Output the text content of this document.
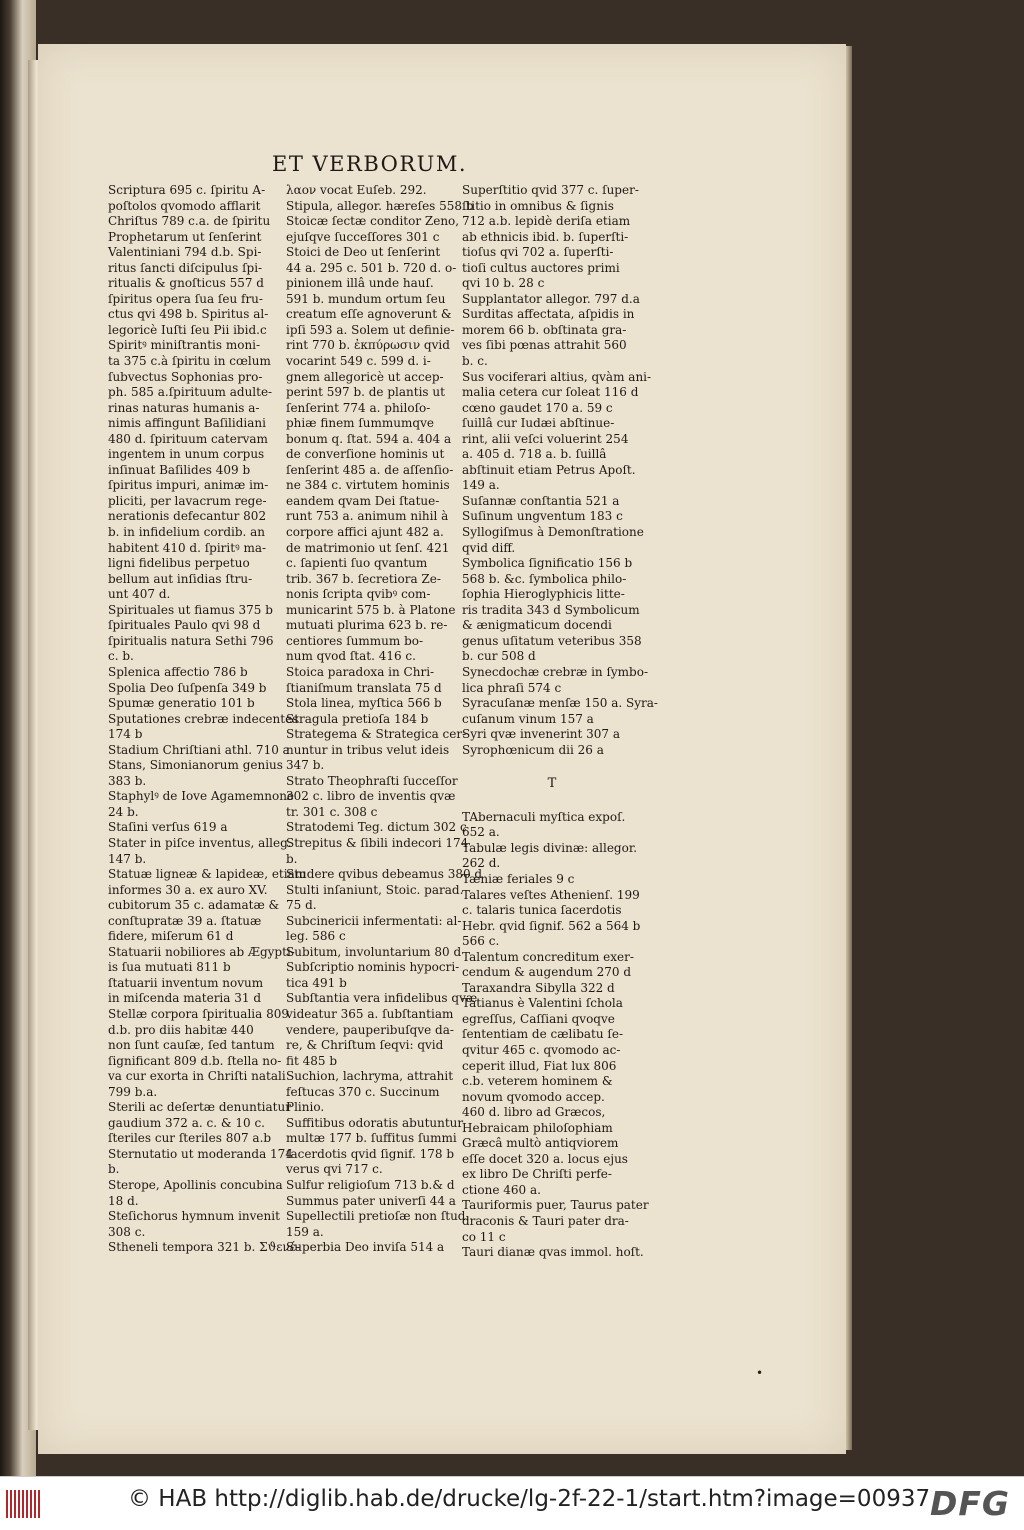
ET VERBORUM.
Scriptura 695 c. ſpiritu A-
poſtolos qvomodo afflarit
Chriſtus 789 c.a. de ſpiritu
Prophetarum ut ſenſerint
Valentiniani 794 d.b. Spi-
ritus ſancti diſcipulus ſpi-
ritualis & gnoſticus 557 d
ſpiritus opera ſua ſeu fru-
ctus qvi 498 b. Spiritus al-
legoricè Iuſti ſeu Pii ibid.c
Spiritꝰ miniſtrantis moni-
ta 375 c.à ſpiritu in cœlum
ſubvectus Sophonias pro-
ph. 585 a.ſpirituum adulte-
rinas naturas humanis a-
nimis affingunt Baſilidiani
480 d. ſpirituum catervam
ingentem in unum corpus
inſinuat Baſilides 409 b
ſpiritus impuri, animæ im-
pliciti, per lavacrum rege-
nerationis defecantur 802
b. in infidelium cordib. an
habitent 410 d. ſpiritꝰ ma-
ligni fidelibus perpetuo
bellum aut inſidias ſtru-
unt 407 d.
Spirituales ut fiamus 375 b
ſpirituales Paulo qvi 98 d
ſpiritualis natura Sethi 796
c. b.
Splenica affectio 786 b
Spolia Deo ſuſpenſa 349 b
Spumæ generatio 101 b
Sputationes crebræ indecentes
174 b
Stadium Chriſtiani athl. 710 a
Stans, Simonianorum genius
383 b.
Staphylꝰ de Iove Agamemnone
24 b.
Staſini verſus 619 a
Stater in piſce inventus, alleg.
147 b.
Statuæ ligneæ & lapideæ, etiam
informes 30 a. ex auro XV.
cubitorum 35 c. adamatæ &
conſtupratæ 39 a. ſtatuæ
fidere, miſerum 61 d
Statuarii nobiliores ab Ægypti-
is ſua mutuati 811 b
ſtatuarii inventum novum
in miſcenda materia 31 d
Stellæ corpora ſpiritualia 809
d.b. pro diis habitæ 440
non ſunt cauſæ, ſed tantum
ſignificant 809 d.b. ſtella no-
va cur exorta in Chriſti natali
799 b.a.
Sterili ac deſertæ denuntiatur
gaudium 372 a. c. & 10 c.
ſteriles cur ſteriles 807 a.b
Sternutatio ut moderanda 174
b.
Sterope, Apollinis concubina
18 d.
Steſichorus hymnum invenit
308 c.
Stheneli tempora 321 b. Σϑενέ-
λαον vocat Euſeb. 292.
Stipula, allegor. hæreſes 558 b
Stoicæ ſectæ conditor Zeno,
ejuſqve ſucceſſores 301 c
Stoici de Deo ut ſenſerint
44 a. 295 c. 501 b. 720 d. o-
pinionem illâ unde hauſ.
591 b. mundum ortum ſeu
creatum eſſe agnoverunt &
ipſi 593 a. Solem ut definie-
rint 770 b. ἐκπύρωσιν qvid
vocarint 549 c. 599 d. i-
gnem allegoricè ut accep-
perint 597 b. de plantis ut
ſenſerint 774 a. philoſo-
phiæ finem ſummumqve
bonum q. ſtat. 594 a. 404 a
de converſione hominis ut
ſenſerint 485 a. de aſſenſio-
ne 384 c. virtutem hominis
eandem qvam Dei ſtatue-
runt 753 a. animum nihil à
corpore affici ajunt 482 a.
de matrimonio ut ſenſ. 421
c. ſapienti ſuo qvantum
trib. 367 b. ſecretiora Ze-
nonis ſcripta qvibꝰ com-
municarint 575 b. à Platone
mutuati plurima 623 b. re-
centiores ſummum bo-
num qvod ſtat. 416 c.
Stoica paradoxa in Chri-
ſtianiſmum translata 75 d
Stola linea, myſtica 566 b
Stragula pretioſa 184 b
Strategema & Strategica cer-
nuntur in tribus velut ideis
347 b.
Strato Theophraſti ſucceſſor
302 c. libro de inventis qvæ
tr. 301 c. 308 c
Stratodemi Teg. dictum 302 c
Strepitus & ſibili indecori 174
b.
Studere qvibus debeamus 380 d
Stulti inſaniunt, Stoic. parad.
75 d.
Subcinericii infermentati: al-
leg. 586 c
Subitum, involuntarium 80 d
Subſcriptio nominis hypocri-
tica 491 b
Subſtantia vera infidelibus qvæ
videatur 365 a. ſubſtantiam
vendere, pauperibuſqve da-
re, & Chriſtum ſeqvi: qvid
fit 485 b
Suchion, lachryma, attrahit
feſtucas 370 c. Succinum
Plinio.
Suffitibus odoratis abutuntur
multæ 177 b. ſuffitus ſummi
ſacerdotis qvid ſignif. 178 b
verus qvi 717 c.
Sulfur religioſum 713 b.& d
Summus pater univerſi 44 a
Supellectili pretioſæ non ſtud.
159 a.
Superbia Deo inviſa 514 a
Superſtitio qvid 377 c. ſuper-
ſtitio in omnibus & ſignis
712 a.b. lepidè deriſa etiam
ab ethnicis ibid. b. ſuperſti-
tioſus qvi 702 a. ſuperſti-
tioſi cultus auctores primi
qvi 10 b. 28 c
Supplantator allegor. 797 d.a
Surditas affectata, aſpidis in
morem 66 b. obſtinata gra-
ves ſibi pœnas attrahit 560
b. c.
Sus vociferari altius, qvàm ani-
malia cetera cur ſoleat 116 d
cœno gaudet 170 a. 59 c
ſuillâ cur Iudæi abſtinue-
rint, alii veſci voluerint 254
a. 405 d. 718 a. b. ſuillâ
abſtinuit etiam Petrus Apoſt.
149 a.
Suſannæ conſtantia 521 a
Suſinum ungventum 183 c
Syllogiſmus à Demonſtratione
qvid diff.
Symbolica ſignificatio 156 b
568 b. &c. ſymbolica philo-
ſophia Hieroglyphicis litte-
ris tradita 343 d Symbolicum
& ænigmaticum docendi
genus uſitatum veteribus 358
b. cur 508 d
Synecdochæ crebræ in ſymbo-
lica phraſi 574 c
Syracuſanæ menſæ 150 a. Syra-
cuſanum vinum 157 a
Syri qvæ invenerint 307 a
Syrophœnicum dii 26 a
T
TAbernaculi myſtica expoſ.
652 a.
Tabulæ legis divinæ: allegor.
262 d.
Tæniæ feriales 9 c
Talares veſtes Athenienſ. 199
c. talaris tunica ſacerdotis
Hebr. qvid ſignif. 562 a 564 b
566 c.
Talentum concreditum exer-
cendum & augendum 270 d
Taraxandra Sibylla 322 d
Tatianus è Valentini ſchola
egreſſus, Caſſiani qvoqve
ſententiam de cælibatu ſe-
qvitur 465 c. qvomodo ac-
ceperit illud, Fiat lux 806
c.b. veterem hominem &
novum qvomodo accep.
460 d. libro ad Græcos,
Hebraicam philoſophiam
Græcâ multò antiqviorem
eſſe docet 320 a. locus ejus
ex libro De Chriſti perfe-
ctione 460 a.
Tauriformis puer, Taurus pater
draconis & Tauri pater dra-
co 11 c
Tauri dianæ qvas immol. hoſt.
•
© HAB http://diglib.hab.de/drucke/lg-2f-22-1/start.htm?image=00937 DFG
